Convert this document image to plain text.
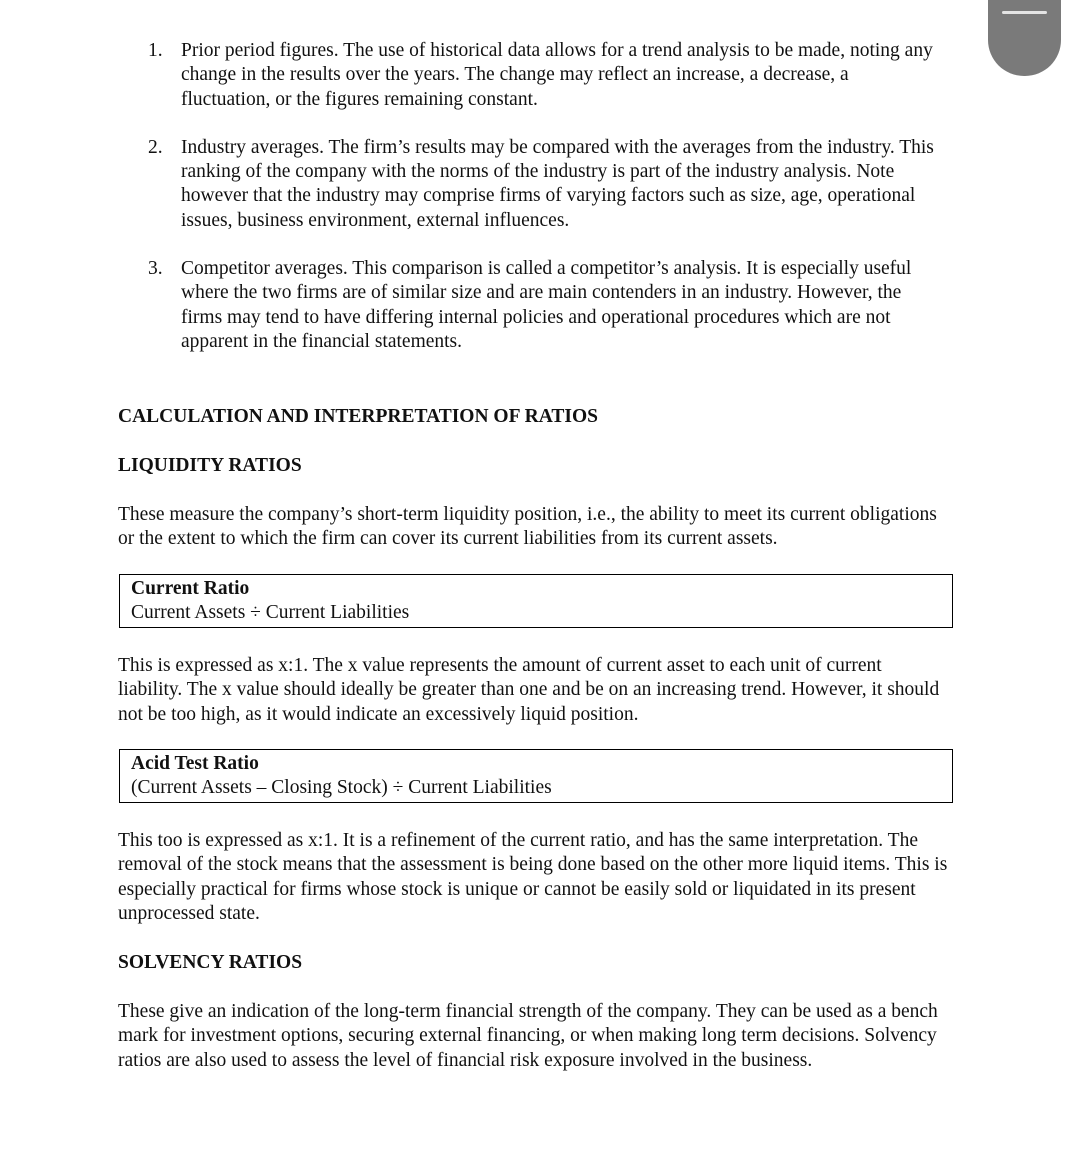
1. Prior period figures. The use of historical data allows for a trend analysis to be made, noting any change in the results over the years. The change may reflect an increase, a decrease, a fluctuation, or the figures remaining constant.
2. Industry averages. The firm’s results may be compared with the averages from the industry. This ranking of the company with the norms of the industry is part of the industry analysis. Note however that the industry may comprise firms of varying factors such as size, age, operational issues, business environment, external influences.
3. Competitor averages. This comparison is called a competitor’s analysis. It is especially useful where the two firms are of similar size and are main contenders in an industry. However, the firms may tend to have differing internal policies and operational procedures which are not apparent in the financial statements.
CALCULATION AND INTERPRETATION OF RATIOS
LIQUIDITY RATIOS
These measure the company’s short-term liquidity position, i.e., the ability to meet its current obligations or the extent to which the firm can cover its current liabilities from its current assets.
Current Ratio
Current Assets ÷ Current Liabilities
This is expressed as x:1. The x value represents the amount of current asset to each unit of current liability. The x value should ideally be greater than one and be on an increasing trend. However, it should not be too high, as it would indicate an excessively liquid position.
Acid Test Ratio
(Current Assets – Closing Stock) ÷ Current Liabilities
This too is expressed as x:1. It is a refinement of the current ratio, and has the same interpretation. The removal of the stock means that the assessment is being done based on the other more liquid items. This is especially practical for firms whose stock is unique or cannot be easily sold or liquidated in its present unprocessed state.
SOLVENCY RATIOS
These give an indication of the long-term financial strength of the company. They can be used as a bench mark for investment options, securing external financing, or when making long term decisions. Solvency ratios are also used to assess the level of financial risk exposure involved in the business.
